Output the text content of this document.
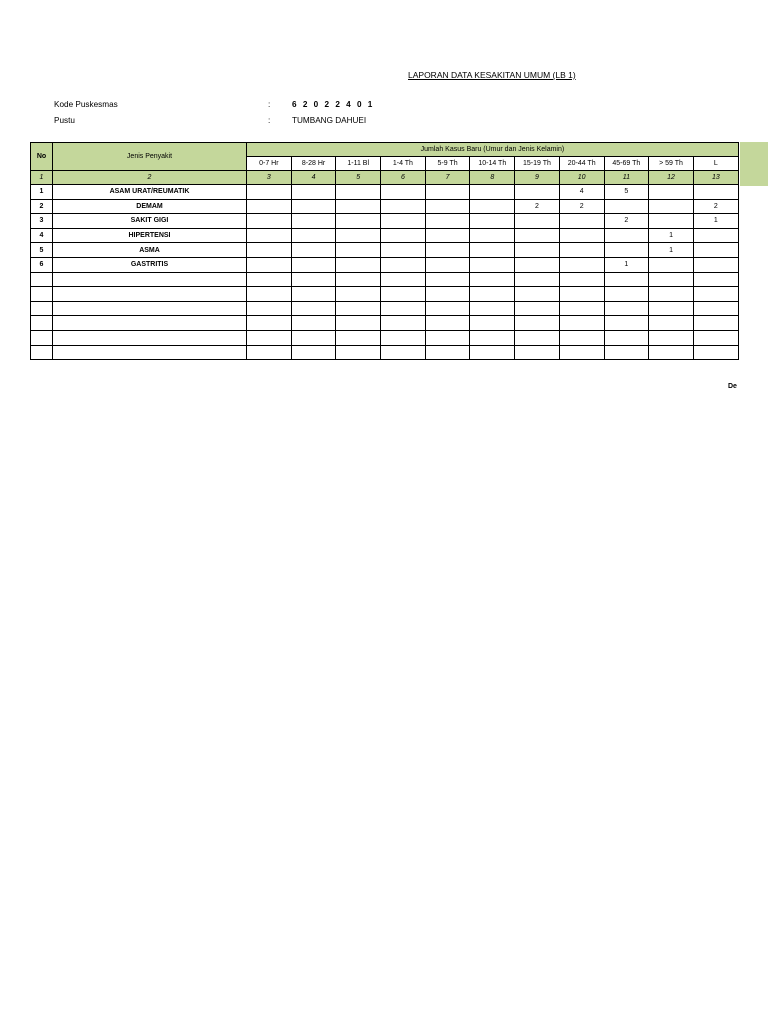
LAPORAN DATA KESAKITAN UMUM (LB 1)
Kode Puskesmas	:	6 2 0 2 2 4 0 1
Pustu	:	TUMBANG DAHUEI
No	Jenis Penyakit	Jumlah Kasus Baru (Umur dan Jenis Kelamin)										
		0-7 Hr	8-28 Hr	1-11 Bl	1-4 Th	5-9 Th	10-14 Th	15-19 Th	20-44 Th	45-69 Th	> 59 Th	L
1	2	3	4	5	6	7	8	9	10	11	12	13
1	ASAM URAT/REUMATIK								4	5		
2	DEMAM							2	2			2
3	SAKIT GIGI									2		1
4	HIPERTENSI										1	
5	ASMA										1	
6	GASTRITIS									1		

De
